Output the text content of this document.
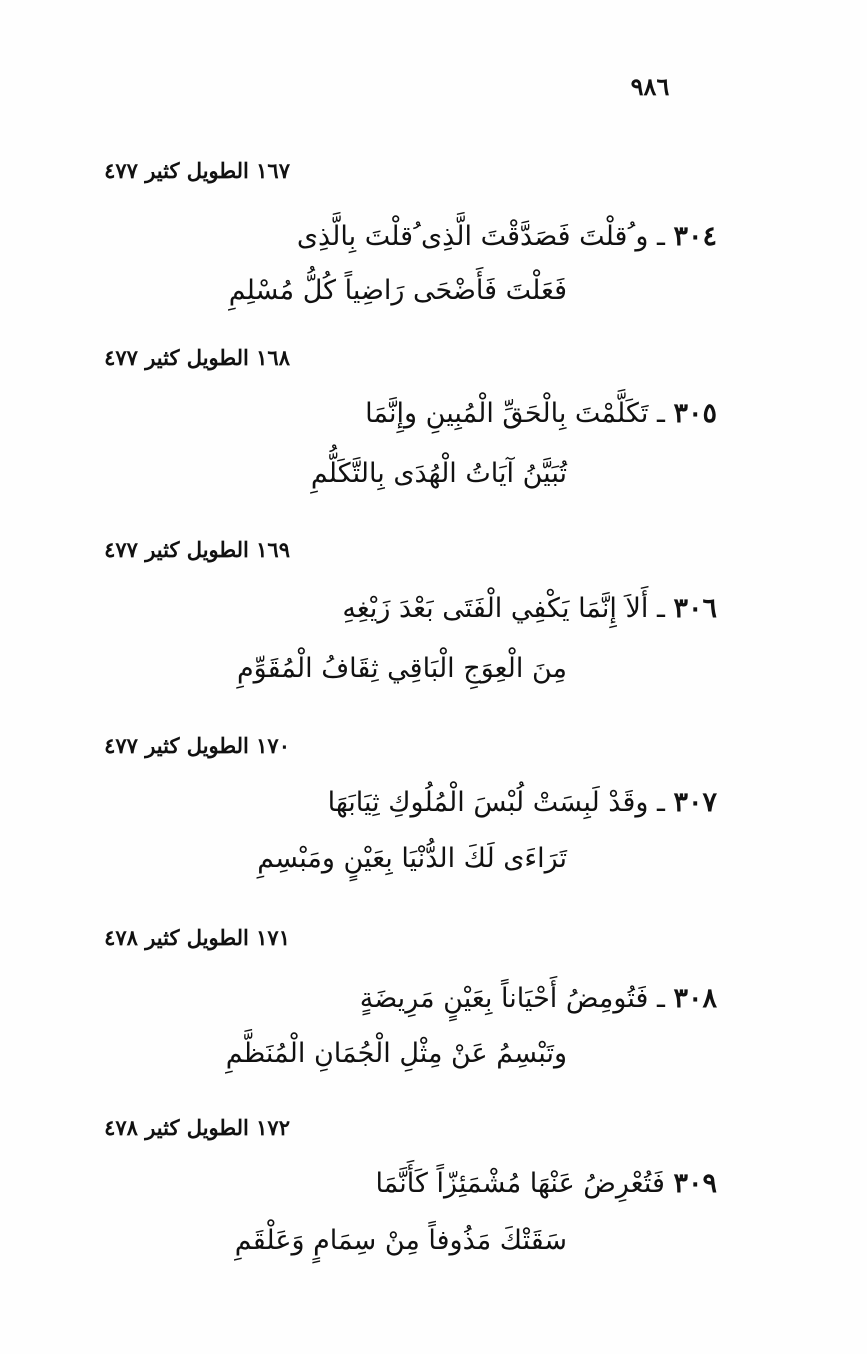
٩٨٦
١٦٧ الطويل كثير ٤٧٧
٣٠٤ ـ و ُقلْتَ فَصَدَّقْتَ الَّذِى ُقلْتَ بِالَّذِى
فَعَلْتَ فَأَضْحَى رَاضِياً كُلُّ مُسْلِمِ
١٦٨ الطويل كثير ٤٧٧
٣٠٥ ـ تَكَلَّمْتَ بِالْحَقِّ الْمُبِينِ وإِنَّمَا
تُبَيَّنُ آيَاتُ الْهُدَى بِالتَّكَلُّمِ
١٦٩ الطويل كثير ٤٧٧
٣٠٦ ـ أَلاَ إِنَّمَا يَكْفِي الْفَتَى بَعْدَ زَيْغِهِ
مِنَ الْعِوَجِ الْبَاقِي ثِقَافُ الْمُقَوِّمِ
١٧٠ الطويل كثير ٤٧٧
٣٠٧ ـ وقَدْ لَبِسَتْ لُبْسَ الْمُلُوكِ ثِيَابَهَا
تَرَاءَى لَكَ الدُّنْيَا بِعَيْنٍ ومَبْسِمِ
١٧١ الطويل كثير ٤٧٨
٣٠٨ ـ فَتُومِضُ أَحْيَاناً بِعَيْنٍ مَرِيضَةٍ
وتَبْسِمُ عَنْ مِثْلِ الْجُمَانِ الْمُنَظَّمِ
١٧٢ الطويل كثير ٤٧٨
٣٠٩ فَتُعْرِضُ عَنْهَا مُشْمَئِزّاً كَأَنَّمَا
سَقَتْكَ مَذُوفاً مِنْ سِمَامٍ وَعَلْقَمِ
